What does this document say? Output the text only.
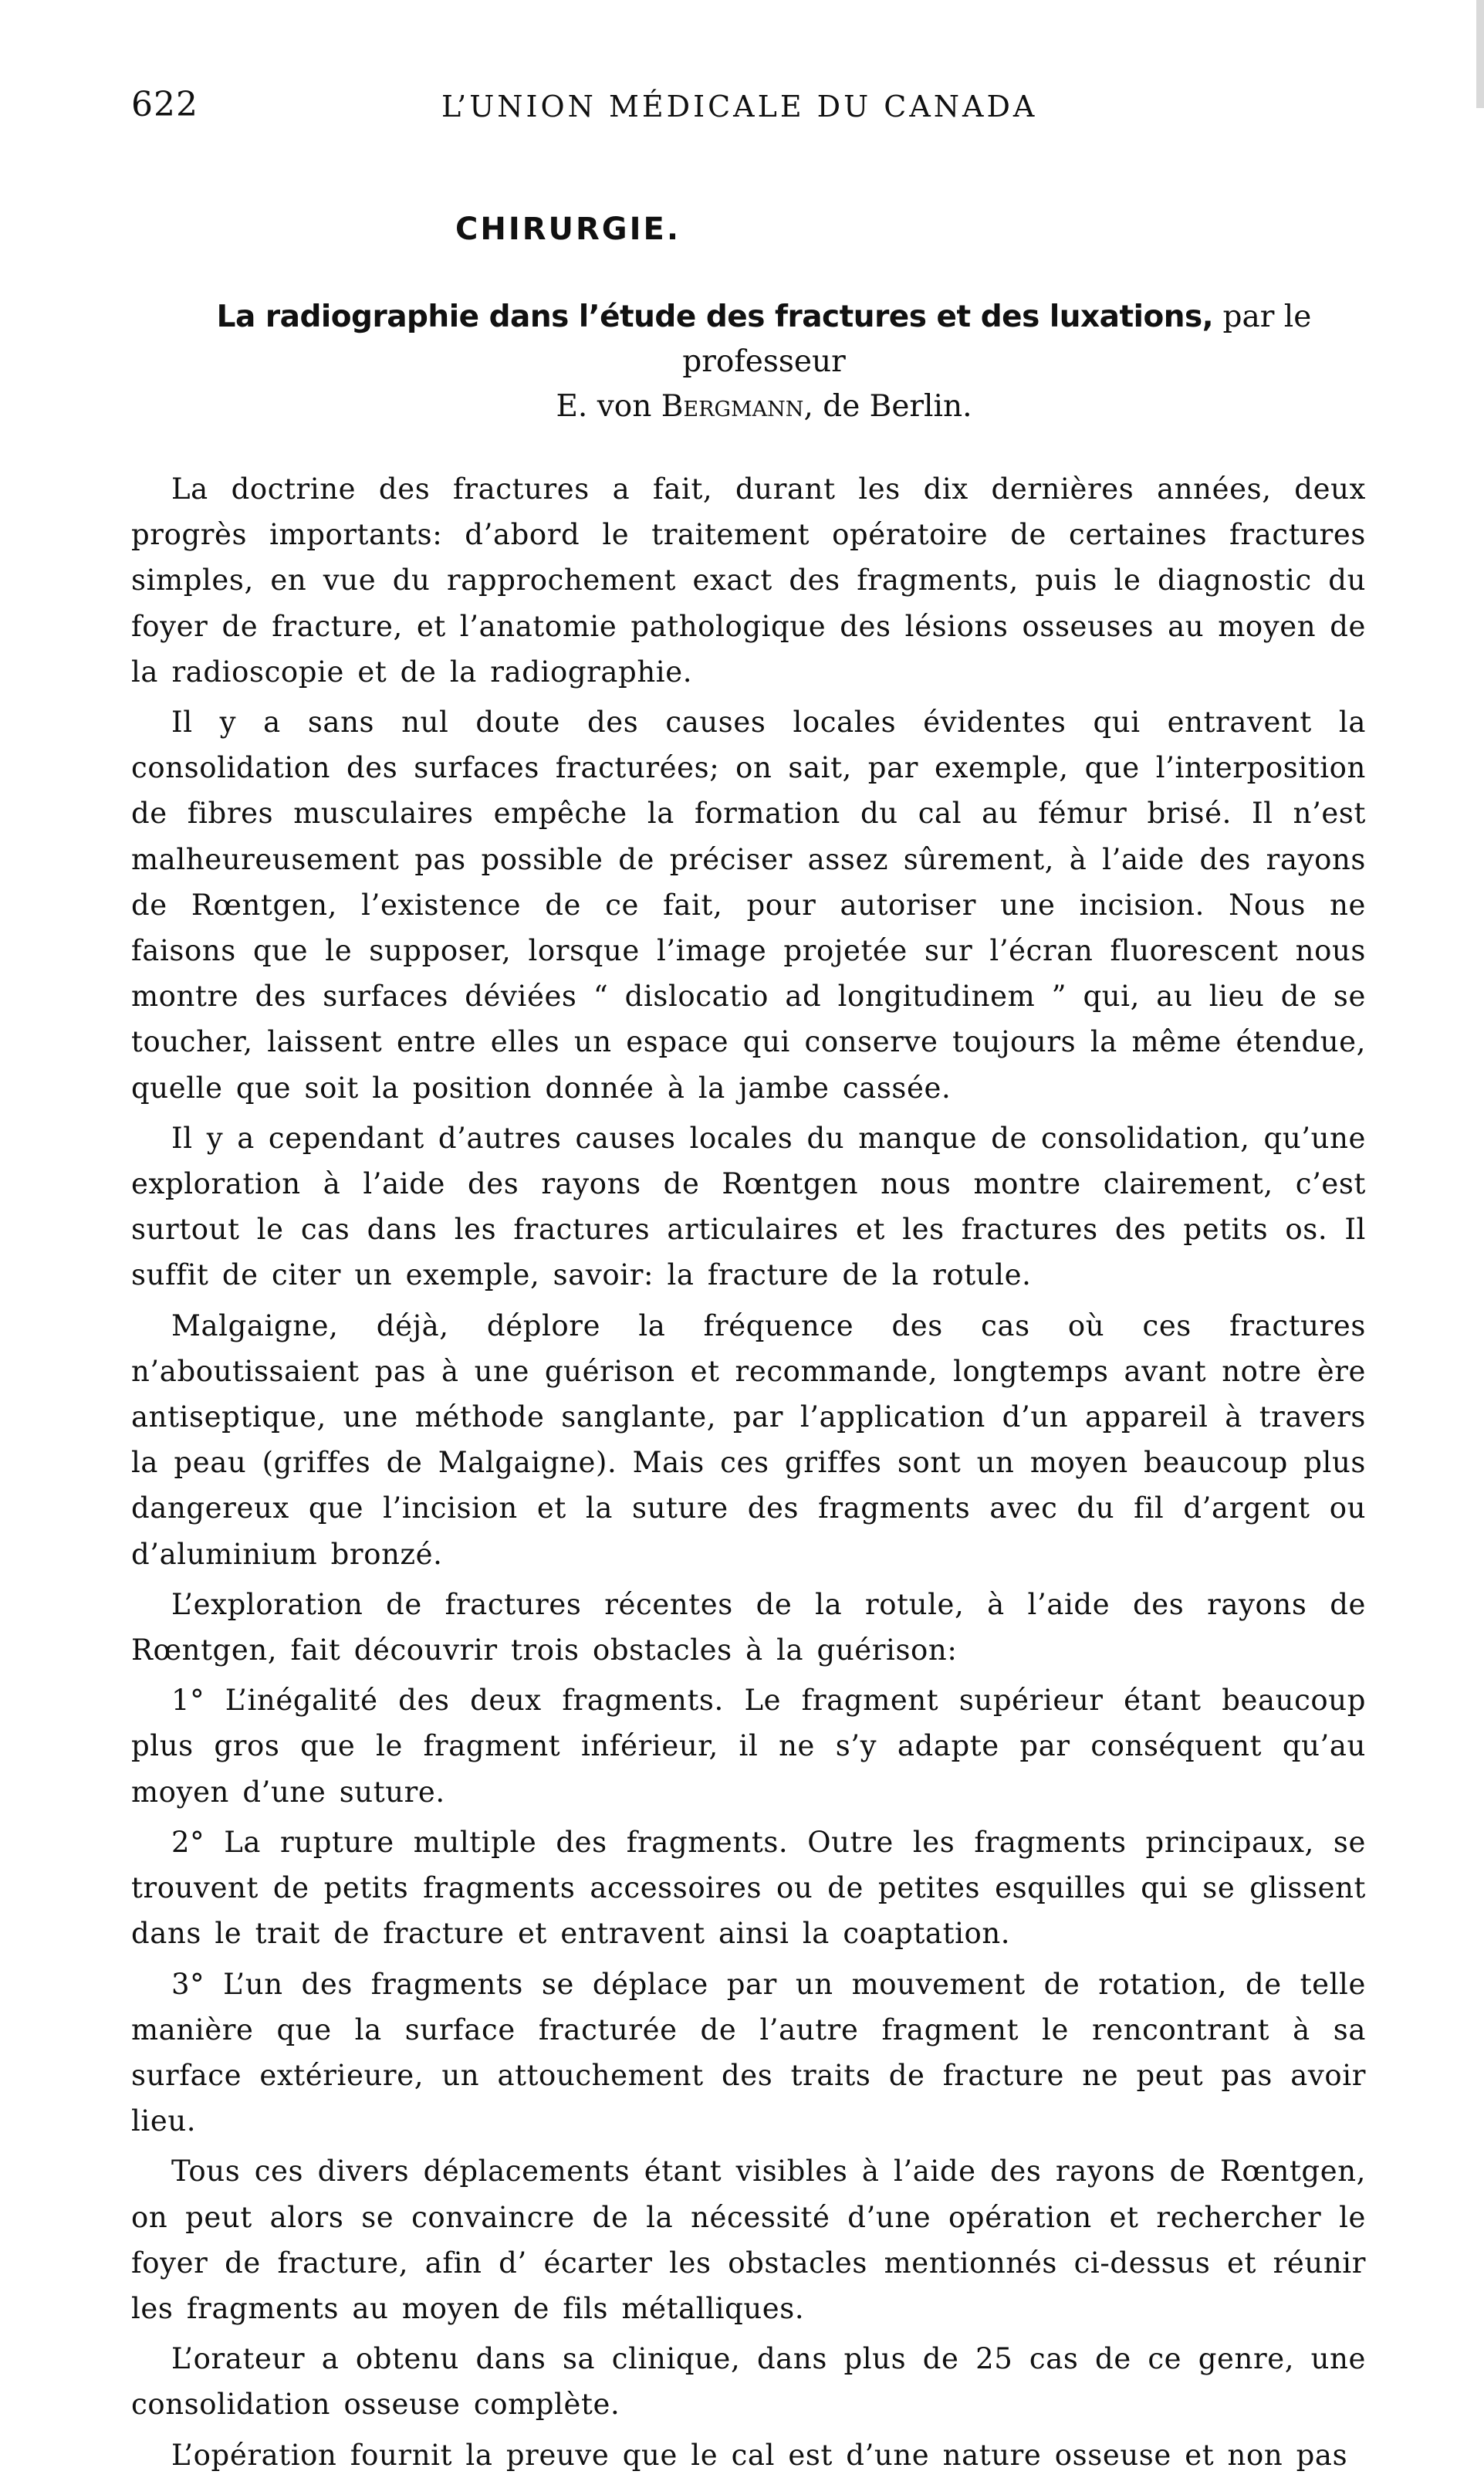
622	L’UNION MÉDICALE DU CANADA
CHIRURGIE.
La radiographie dans l’étude des fractures et des luxations, par le professeur
E. von Bergmann, de Berlin.

La doctrine des fractures a fait, durant les dix dernières années, deux progrès importants: d’abord le traitement opératoire de certaines fractures simples, en vue du rapprochement exact des fragments, puis le diagnostic du foyer de fracture, et l’anatomie pathologique des lésions osseuses au moyen de la radioscopie et de la radiographie.

Il y a sans nul doute des causes locales évidentes qui entravent la consolidation des surfaces fracturées; on sait, par exemple, que l’interposition de fibres musculaires empêche la formation du cal au fémur brisé. Il n’est malheureusement pas possible de préciser assez sûrement, à l’aide des rayons de Rœntgen, l’existence de ce fait, pour autoriser une incision. Nous ne faisons que le supposer, lorsque l’image projetée sur l’écran fluorescent nous montre des surfaces déviées “ dislocatio ad longitudinem ” qui, au lieu de se toucher, laissent entre elles un espace qui conserve toujours la même étendue, quelle que soit la position donnée à la jambe cassée.

Il y a cependant d’autres causes locales du manque de consolidation, qu’une exploration à l’aide des rayons de Rœntgen nous montre clairement, c’est surtout le cas dans les fractures articulaires et les fractures des petits os. Il suffit de citer un exemple, savoir: la fracture de la rotule.

Malgaigne, déjà, déplore la fréquence des cas où ces fractures n’aboutissaient pas à une guérison et recommande, longtemps avant notre ère antiseptique, une méthode sanglante, par l’application d’un appareil à travers la peau (griffes de Malgaigne). Mais ces griffes sont un moyen beaucoup plus dangereux que l’incision et la suture des fragments avec du fil d’argent ou d’aluminium bronzé.

L’exploration de fractures récentes de la rotule, à l’aide des rayons de Rœntgen, fait découvrir trois obstacles à la guérison:

1° L’inégalité des deux fragments. Le fragment supérieur étant beaucoup plus gros que le fragment inférieur, il ne s’y adapte par conséquent qu’au moyen d’une suture.

2° La rupture multiple des fragments. Outre les fragments principaux, se trouvent de petits fragments accessoires ou de petites esquilles qui se glissent dans le trait de fracture et entravent ainsi la coaptation.

3° L’un des fragments se déplace par un mouvement de rotation, de telle manière que la surface fracturée de l’autre fragment le rencontrant à sa surface extérieure, un attouchement des traits de fracture ne peut pas avoir lieu.

Tous ces divers déplacements étant visibles à l’aide des rayons de Rœntgen, on peut alors se convaincre de la nécessité d’une opération et rechercher le foyer de fracture, afin d’ écarter les obstacles mentionnés ci-dessus et réunir les fragments au moyen de fils métalliques.

L’orateur a obtenu dans sa clinique, dans plus de 25 cas de ce genre, une consolidation osseuse complète.

L’opération fournit la preuve que le cal est d’une nature osseuse et non pas
